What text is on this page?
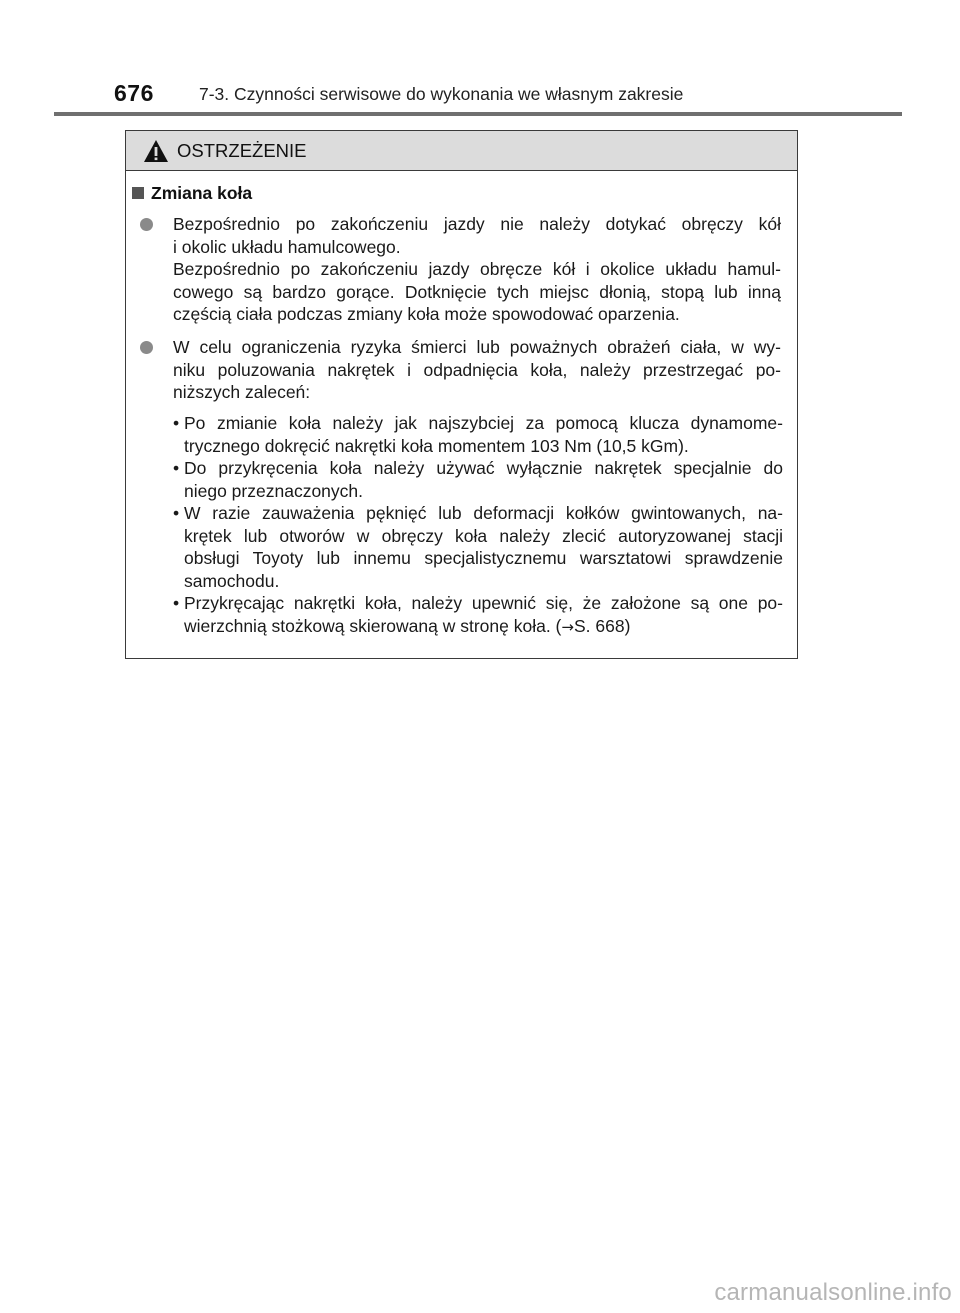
676	7-3. Czynności serwisowe do wykonania we własnym zakresie
OSTRZEŻENIE
Zmiana koła
Bezpośrednio po zakończeniu jazdy nie należy dotykać obręczy kół
i okolic układu hamulcowego.
Bezpośrednio po zakończeniu jazdy obręcze kół i okolice układu hamul-
cowego są bardzo gorące. Dotknięcie tych miejsc dłonią, stopą lub inną
częścią ciała podczas zmiany koła może spowodować oparzenia.
W celu ograniczenia ryzyka śmierci lub poważnych obrażeń ciała, w wy-
niku poluzowania nakrętek i odpadnięcia koła, należy przestrzegać po-
niższych zaleceń:
• Po zmianie koła należy jak najszybciej za pomocą klucza dynamome-
trycznego dokręcić nakrętki koła momentem 103 Nm (10,5 kGm).
• Do przykręcenia koła należy używać wyłącznie nakrętek specjalnie do
niego przeznaczonych.
• W razie zauważenia pęknięć lub deformacji kołków gwintowanych, na-
krętek lub otworów w obręczy koła należy zlecić autoryzowanej stacji
obsługi Toyoty lub innemu specjalistycznemu warsztatowi sprawdzenie
samochodu.
• Przykręcając nakrętki koła, należy upewnić się, że założone są one po-
wierzchnią stożkową skierowaną w stronę koła. (→S. 668)
carmanualsonline.info
